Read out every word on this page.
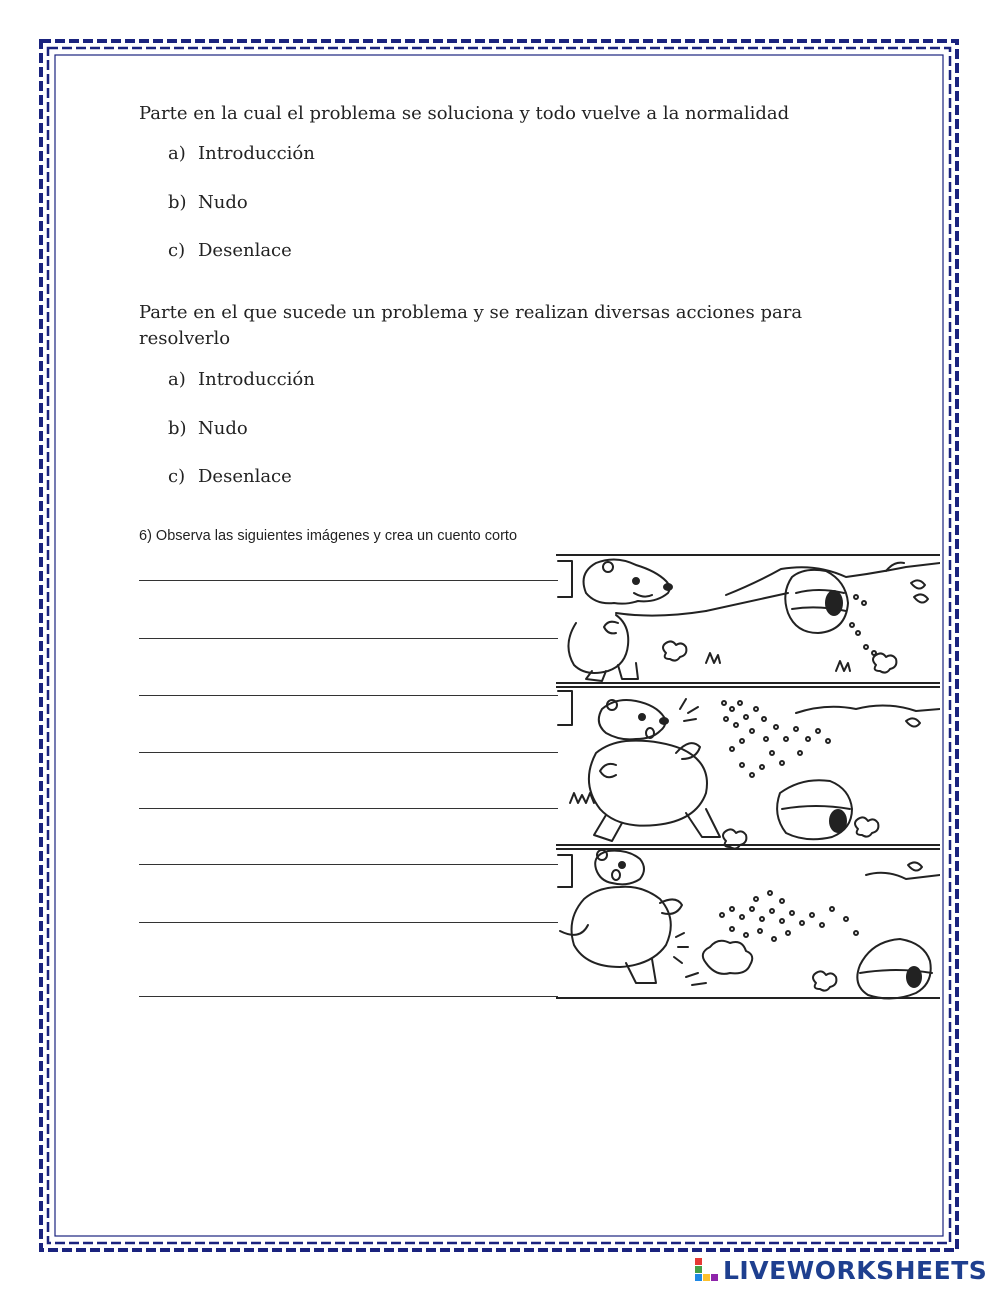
Parte en la cual el problema se soluciona y todo vuelve a la normalidad
a) Introducción
b) Nudo
c) Desenlace
Parte en el que sucede un problema y se realizan diversas acciones para resolverlo
a) Introducción
b) Nudo
c) Desenlace
6) Observa las siguientes imágenes y crea un cuento corto
LIVEWORKSHEETS
